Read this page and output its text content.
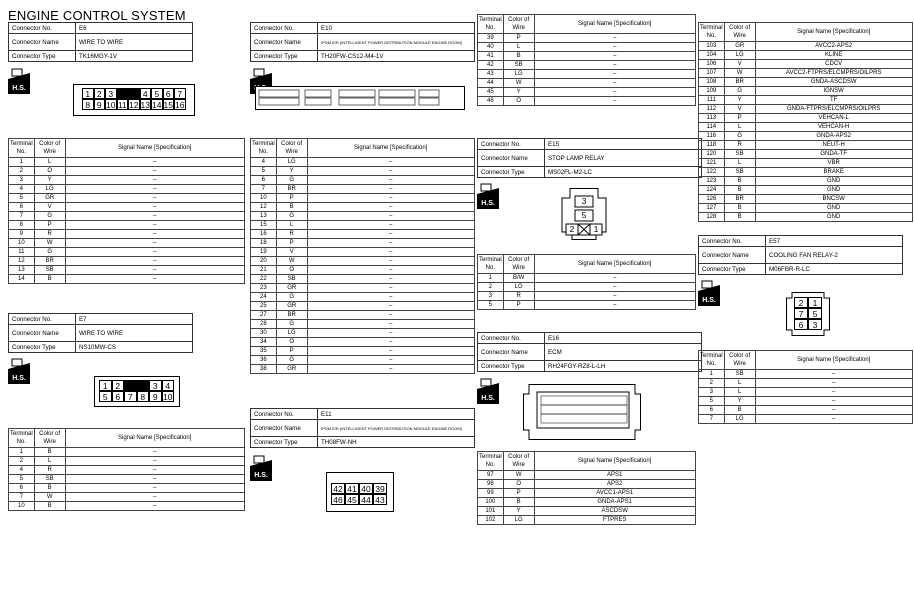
ENGINE CONTROL SYSTEM
Connector No.	E6
Connector Name	WIRE TO WIRE
Connector Type	TK16MGY-1V
H.S.
1 2 3	4 5 6 7
8 9 10 11 12 13 14 15 16
Terminal No.	Color of Wire	Signal Name [Specification]
1	L	–
2	O	–
3	Y	–
4	LG	–
5	GR	–
6	V	–
7	G	–
8	P	–
9	R	–
10	W	–
11	G	–
12	BR	–
13	SB	–
14	B	–
Connector No.	E7
Connector Name	WIRE TO WIRE
Connector Type	NS10MW-CS
H.S.
1 2	3 4
5 6 7 8 9 10
Terminal No.	Color of Wire	Signal Name [Specification]
1	B	–
2	L	–
4	R	–
5	SB	–
6	B	–
7	W	–
10	B	–
Connector No.	E10
Connector Name	IPDM E/R (INTELLIGENT POWER DISTRIBUTION MODULE ENGINE ROOM)
Connector Type	TH20FW-CS12-M4-1V
Terminal No.	Color of Wire	Signal Name [Specification]
4	LG	–
5	Y	–
6	G	–
7	BR	–
10	P	–
12	B	–
13	G	–
15	L	–
16	R	–
18	P	–
19	V	–
20	W	–
21	O	–
22	SB	–
23	GR	–
24	G	–
25	GR	–
27	BR	–
28	G	–
30	LG	–
34	O	–
35	P	–
36	G	–
38	GR	–
Connector No.	E11
Connector Name	IPDM E/R (INTELLIGENT POWER DISTRIBUTION MODULE ENGINE ROOM)
Connector Type	TH08FW-NH
H.S.
42 41 40 39
46 45 44 43
Terminal No.	Color of Wire	Signal Name [Specification]
39	P	–
40	L	–
41	B	–
42	SB	–
43	LG	–
44	W	–
45	Y	–
46	O	–
Connector No.	E15
Connector Name	STOP LAMP RELAY
Connector Type	MS02FL-M2-LC
H.S.	3
5
2	1
Terminal No.	Color of Wire	Signal Name [Specification]
1	B/W	–
2	LG	–
3	R	–
5	P	–
Connector No.	E16
Connector Name	ECM
Connector Type	RH24FGY-RZ8-L-LH
H.S.
Terminal No.	Color of Wire	Signal Name [Specification]
97	W	APS1
98	O	APS2
99	P	AVCC1-APS1
100	B	GNDA-APS1
101	Y	ASCDSW
102	LG	FTPRES
Terminal No.	Color of Wire	Signal Name [Specification]
103	GR	AVCC2-APS2
104	LG	KLINE
106	V	CDCV
107	W	AVCC2-FTPRS/ELCMPRS/OILPRS
108	BR	GNDA-ASCDSW
109	G	IGNSW
111	Y	TF
112	V	GNDA-FTPRS/ELCMPRS/OILPRS
113	P	VEHCAN-L
114	L	VEHCAN-H
116	G	GNDA-APS2
118	R	NEUT-H
120	SB	GNDA-TF
121	L	VBR
122	SB	BRAKE
123	B	GND
124	B	GND
126	BR	BNCSW
127	B	GND
128	B	GND
Connector No.	E57
Connector Name	COOLING FAN RELAY-2
Connector Type	M06FBR-R-LC
H.S.	2	1
7	5
6	3
Terminal No.	Color of Wire	Signal Name [Specification]
1	SB	–
2	L	–
3	L	–
5	Y	–
6	B	–
7	LG	–
